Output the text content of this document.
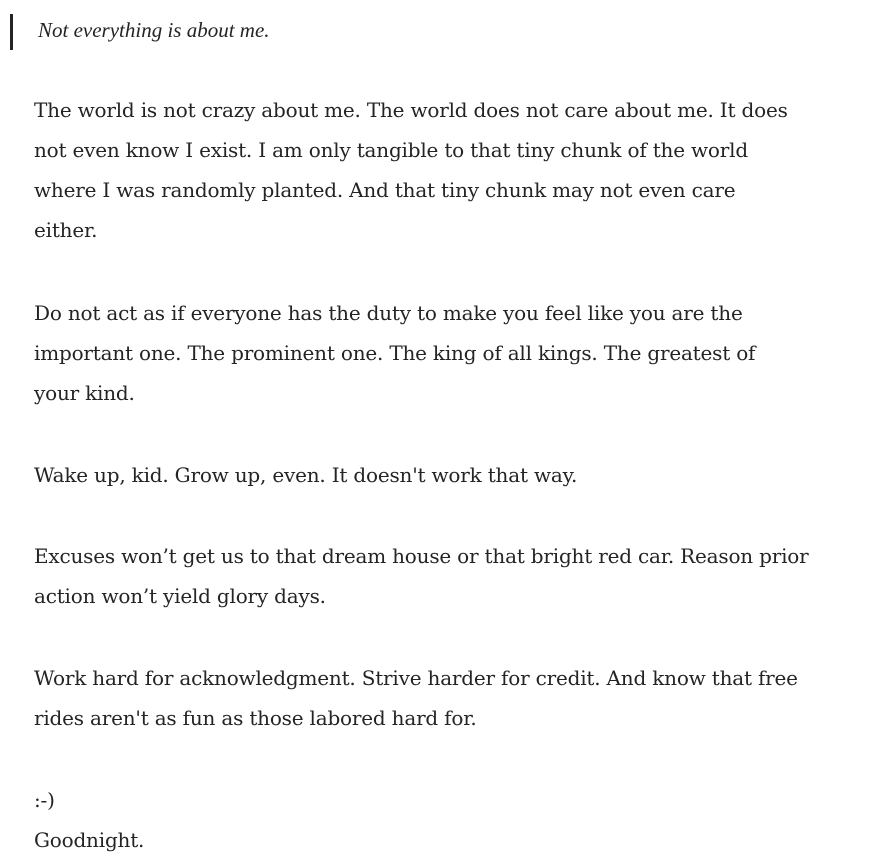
Not everything is about me.

The world is not crazy about me. The world does not care about me. It does
not even know I exist. I am only tangible to that tiny chunk of the world
where I was randomly planted. And that tiny chunk may not even care
either.

Do not act as if everyone has the duty to make you feel like you are the
important one. The prominent one. The king of all kings. The greatest of
your kind.

Wake up, kid. Grow up, even. It doesn't work that way.

Excuses won’t get us to that dream house or that bright red car. Reason prior
action won’t yield glory days.

Work hard for acknowledgment. Strive harder for credit. And know that free
rides aren't as fun as those labored hard for.

:-)
Goodnight.
